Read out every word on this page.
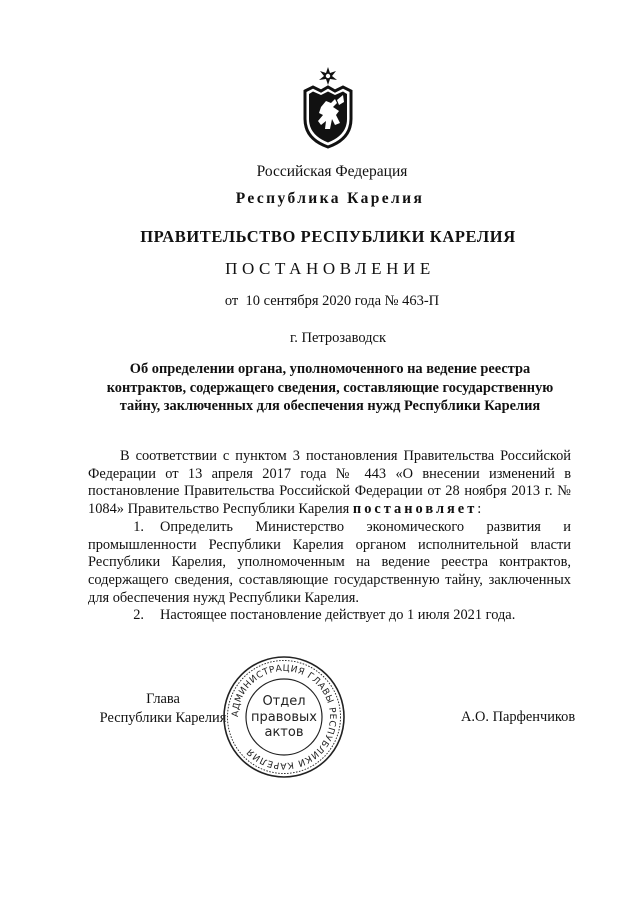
Российская Федерация
Республика Карелия
ПРАВИТЕЛЬСТВО РЕСПУБЛИКИ КАРЕЛИЯ
ПОСТАНОВЛЕНИЕ
от  10 сентября 2020 года № 463-П
г. Петрозаводск
Об определении органа, уполномоченного на ведение реестра контрактов, содержащего сведения, составляющие государственную тайну, заключенных для обеспечения нужд Республики Карелия

В соответствии с пунктом 3 постановления Правительства Российской Федерации от 13 апреля 2017 года № 443 «О внесении изменений в постановление Правительства Российской Федерации от 28 ноября 2013 г. № 1084» Правительство Республики Карелия постановляет:

1. Определить Министерство экономического развития и промышленности Республики Карелия органом исполнительной власти Республики Карелия, уполномоченным на ведение реестра контрактов, содержащего сведения, составляющие государственную тайну, заключенных для обеспечения нужд Республики Карелия.

2. Настоящее постановление действует до 1 июля 2021 года.

Глава
Республики Карелия АДМИНИСТРАЦИЯ ГЛАВЫ РЕСПУБЛИКИ КАРЕЛИЯ
Отдел
правовых
актов
А.О. Парфенчиков
